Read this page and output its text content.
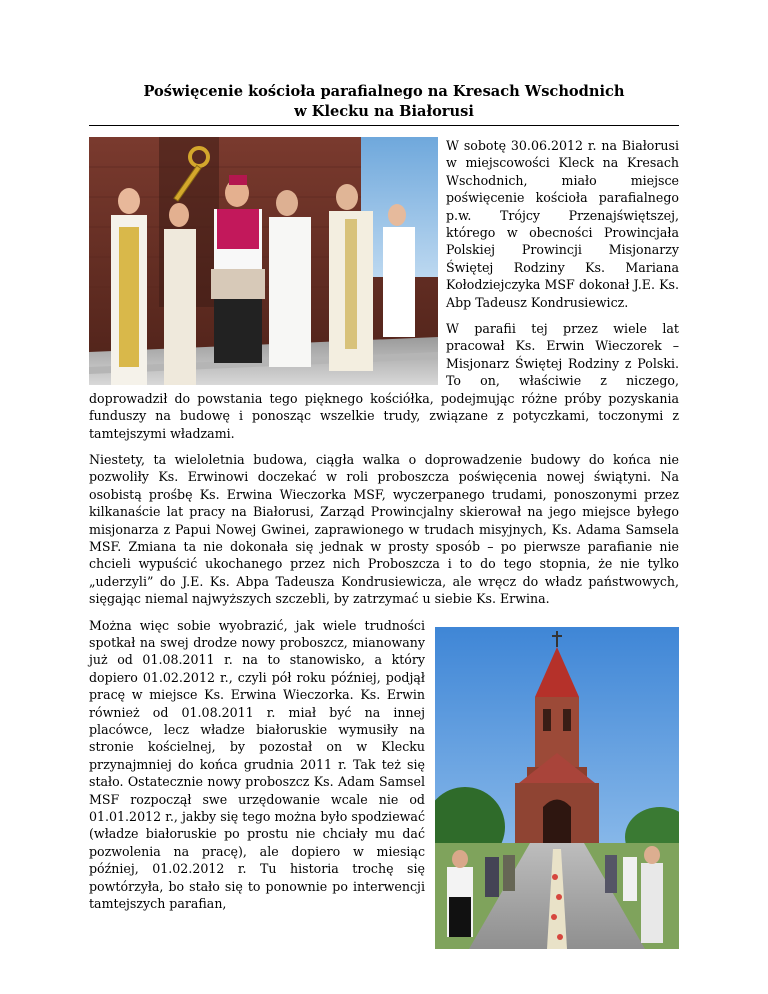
Poświęcenie kościoła parafialnego na Kresach Wschodnich
w Klecku na Białorusi

W sobotę 30.06.2012 r. na Białorusi w miejscowości Kleck na Kresach Wschodnich, miało miejsce poświęcenie kościoła parafialnego p.w. Trójcy Przenajświętszej, którego w obecności Prowincjała Polskiej Prowincji Misjonarzy Świętej Rodziny Ks. Mariana Kołodziejczyka MSF dokonał J.E. Ks. Abp Tadeusz Kondrusiewicz.

W parafii tej przez wiele lat pracował Ks. Erwin Wieczorek – Misjonarz Świętej Rodziny z Polski. To on, właściwie z niczego, doprowadził do powstania tego pięknego kościółka, podejmując różne próby pozyskania funduszy na budowę i ponosząc wszelkie trudy, związane z potyczkami, toczonymi z tamtejszymi władzami.

Niestety, ta wieloletnia budowa, ciągła walka o doprowadzenie budowy do końca nie pozwoliły Ks. Erwinowi doczekać w roli proboszcza poświęcenia nowej świątyni. Na osobistą prośbę Ks. Erwina Wieczorka MSF, wyczerpanego trudami, ponoszonymi przez kilkanaście lat pracy na Białorusi, Zarząd Prowincjalny skierował na jego miejsce byłego misjonarza z Papui Nowej Gwinei, zaprawionego w trudach misyjnych, Ks. Adama Samsela MSF. Zmiana ta nie dokonała się jednak w prosty sposób – po pierwsze parafianie nie chcieli wypuścić ukochanego przez nich Proboszcza i to do tego stopnia, że nie tylko „uderzyli” do J.E. Ks. Abpa Tadeusza Kondrusiewicza, ale wręcz do władz państwowych, sięgając niemal najwyższych szczebli, by zatrzymać u siebie Ks. Erwina.

Można więc sobie wyobrazić, jak wiele trudności spotkał na swej drodze nowy proboszcz, mianowany już od 01.08.2011 r. na to stanowisko, a który dopiero 01.02.2012 r., czyli pół roku później, podjął pracę w miejsce Ks. Erwina Wieczorka. Ks. Erwin również od 01.08.2011 r. miał być na innej placówce, lecz władze białoruskie wymusiły na stronie kościelnej, by pozostał on w Klecku przynajmniej do końca grudnia 2011 r. Tak też się stało. Ostatecznie nowy proboszcz Ks. Adam Samsel MSF rozpoczął swe urzędowanie wcale nie od 01.01.2012 r., jakby się tego można było spodziewać (władze białoruskie po prostu nie chciały mu dać pozwolenia na pracę), ale dopiero w miesiąc później, 01.02.2012 r. Tu historia trochę się powtórzyła, bo stało się to ponownie po interwencji tamtejszych parafian,
